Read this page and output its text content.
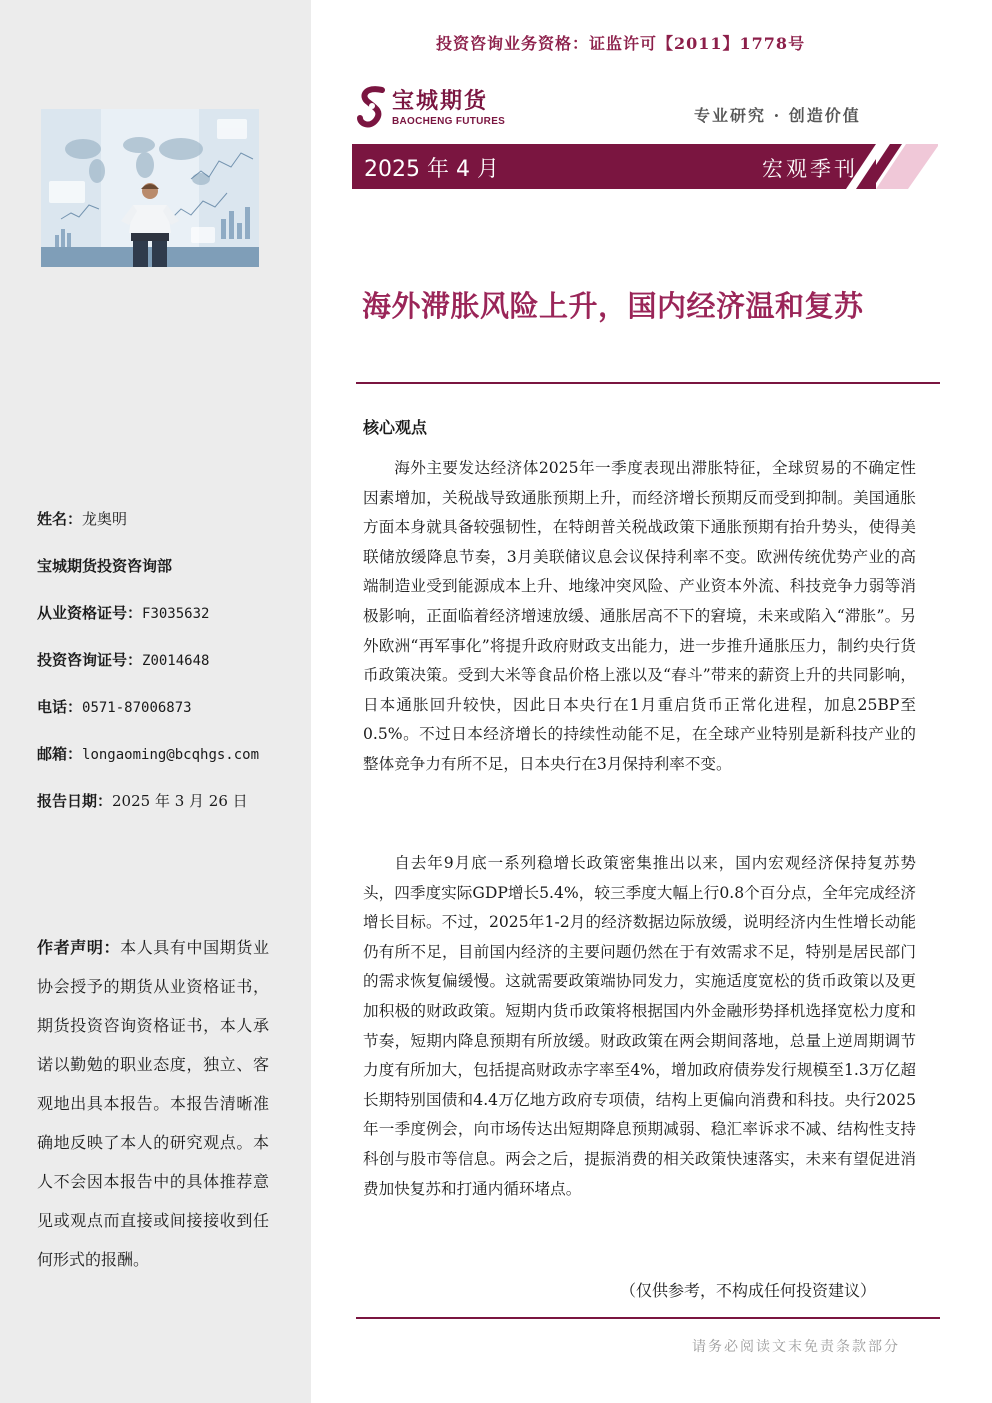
姓名：龙奥明
宝城期货投资咨询部
从业资格证号：F3035632
投资咨询证号：Z0014648
电话：0571-87006873
邮箱：longaoming@bcqhgs.com
报告日期：2025 年 3 月 26 日
作者声明：本人具有中国期货业协会授予的期货从业资格证书，期货投资咨询资格证书，本人承诺以勤勉的职业态度，独立、客观地出具本报告。本报告清晰准确地反映了本人的研究观点。本人不会因本报告中的具体推荐意见或观点而直接或间接接收到任何形式的报酬。
投资咨询业务资格：证监许可【2011】1778号
宝城期货
BAOCHENG FUTURES	专业研究 · 创造价值
2025 年 4 月	宏观季刊
海外滞胀风险上升，国内经济温和复苏
核心观点

海外主要发达经济体2025年一季度表现出滞胀特征，全球贸易的不确定性因素增加，关税战导致通胀预期上升，而经济增长预期反而受到抑制。美国通胀方面本身就具备较强韧性，在特朗普关税战政策下通胀预期有抬升势头，使得美联储放缓降息节奏，3月美联储议息会议保持利率不变。欧洲传统优势产业的高端制造业受到能源成本上升、地缘冲突风险、产业资本外流、科技竞争力弱等消极影响，正面临着经济增速放缓、通胀居高不下的窘境，未来或陷入“滞胀”。另外欧洲“再军事化”将提升政府财政支出能力，进一步推升通胀压力，制约央行货币政策决策。受到大米等食品价格上涨以及“春斗”带来的薪资上升的共同影响，日本通胀回升较快，因此日本央行在1月重启货币正常化进程，加息25BP至0.5%。不过日本经济增长的持续性动能不足，在全球产业特别是新科技产业的整体竞争力有所不足，日本央行在3月保持利率不变。

自去年9月底一系列稳增长政策密集推出以来，国内宏观经济保持复苏势头，四季度实际GDP增长5.4%，较三季度大幅上行0.8个百分点，全年完成经济增长目标。不过，2025年1-2月的经济数据边际放缓，说明经济内生性增长动能仍有所不足，目前国内经济的主要问题仍然在于有效需求不足，特别是居民部门的需求恢复偏缓慢。这就需要政策端协同发力，实施适度宽松的货币政策以及更加积极的财政政策。短期内货币政策将根据国内外金融形势择机选择宽松力度和节奏，短期内降息预期有所放缓。财政政策在两会期间落地，总量上逆周期调节力度有所加大，包括提高财政赤字率至4%，增加政府债券发行规模至1.3万亿超长期特别国债和4.4万亿地方政府专项债，结构上更偏向消费和科技。央行2025年一季度例会，向市场传达出短期降息预期减弱、稳汇率诉求不减、结构性支持科创与股市等信息。两会之后，提振消费的相关政策快速落实，未来有望促进消费加快复苏和打通内循环堵点。

（仅供参考，不构成任何投资建议）
请务必阅读文末免责条款部分
